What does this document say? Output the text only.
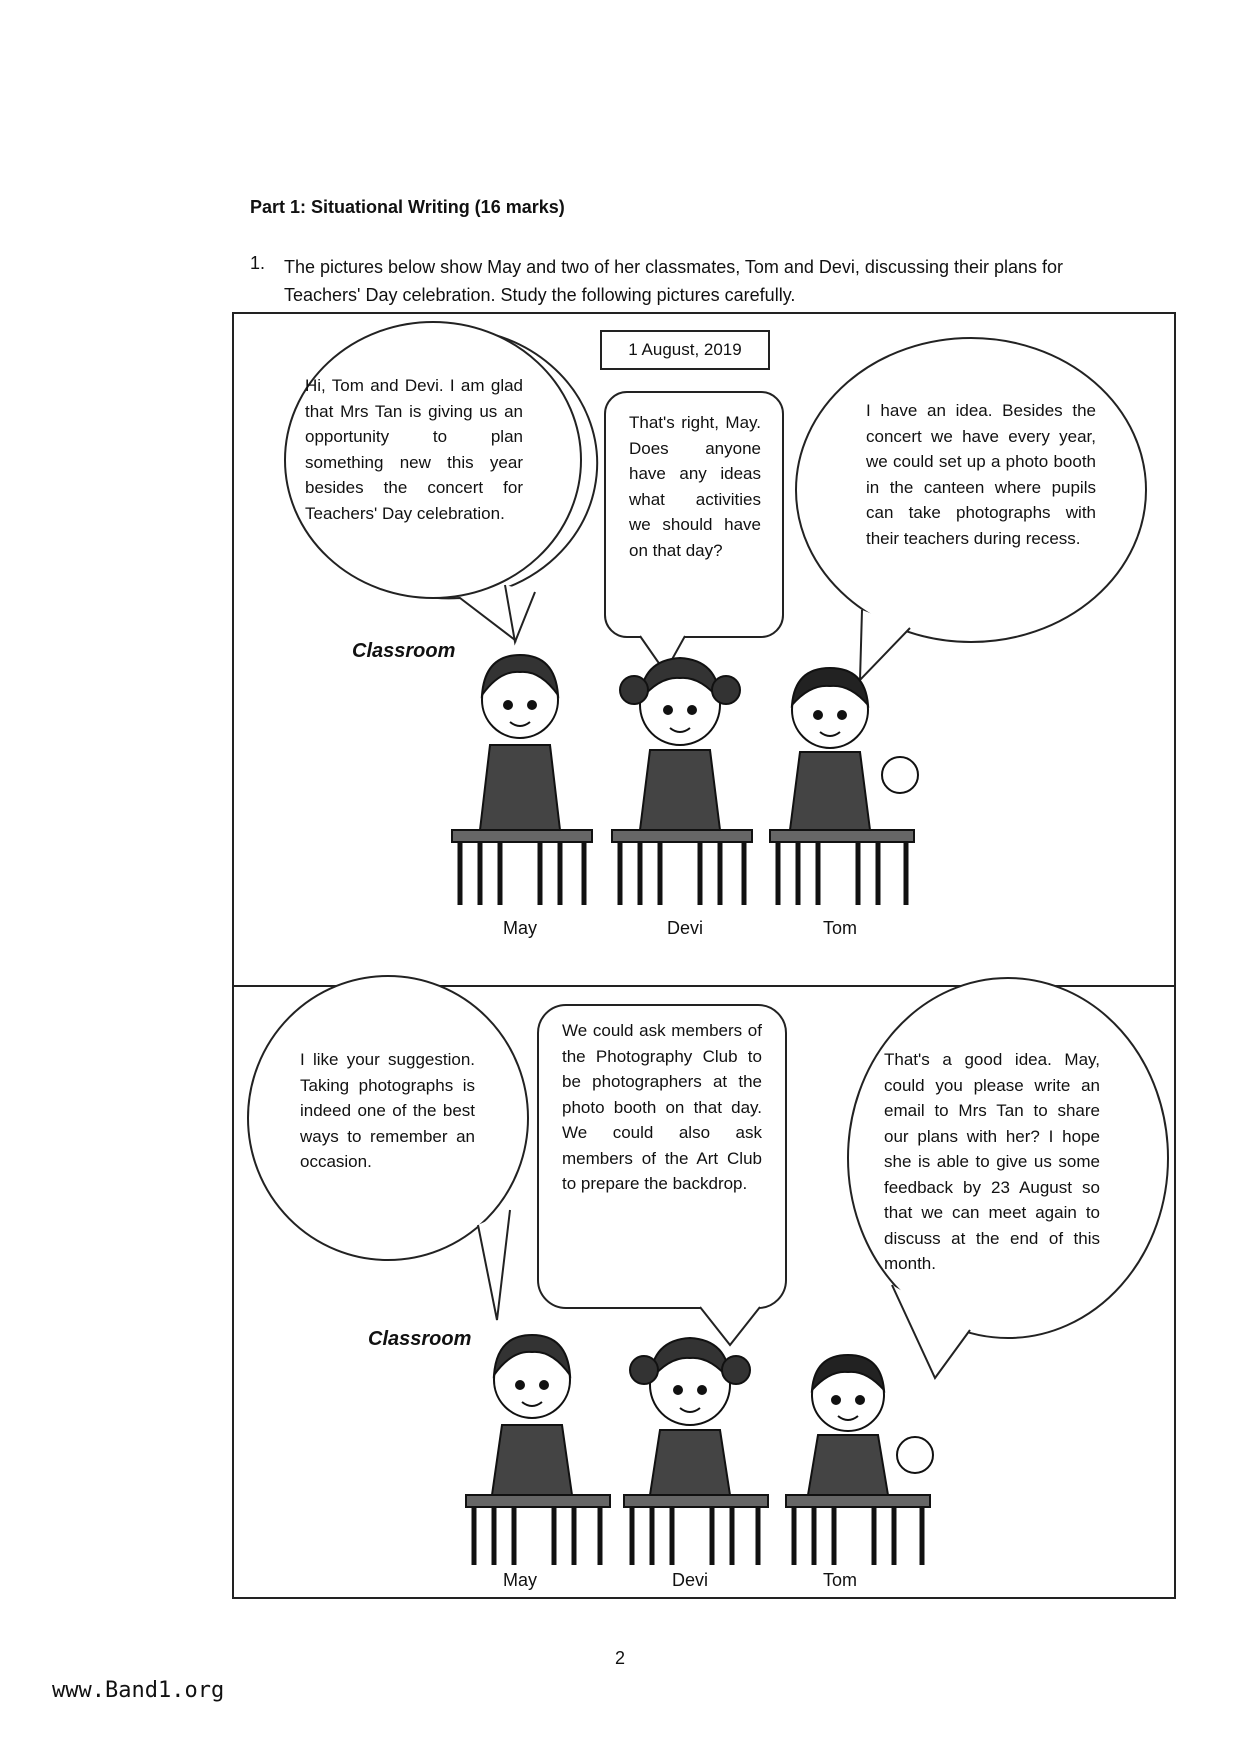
Part 1: Situational Writing (16 marks)
1. The pictures below show May and two of her classmates, Tom and Devi, discussing their plans for Teachers' Day celebration. Study the following pictures carefully.
1 August, 2019
Hi, Tom and Devi. I am glad that Mrs Tan is giving us an opportunity to plan something new this year besides the concert for Teachers' Day celebration.
That's right, May. Does anyone have any ideas what activities we should have on that day?
I have an idea. Besides the concert we have every year, we could set up a photo booth in the canteen where pupils can take photographs with their teachers during recess.
Classroom
May	Devi	Tom
I like your suggestion. Taking photographs is indeed one of the best ways to remember an occasion.
We could ask members of the Photography Club to be photographers at the photo booth on that day. We could also ask members of the Art Club to prepare the backdrop.
That's a good idea. May, could you please write an email to Mrs Tan to share our plans with her? I hope she is able to give us some feedback by 23 August so that we can meet again to discuss at the end of this month.
Classroom
May	Devi	Tom
2
www.Band1.org
